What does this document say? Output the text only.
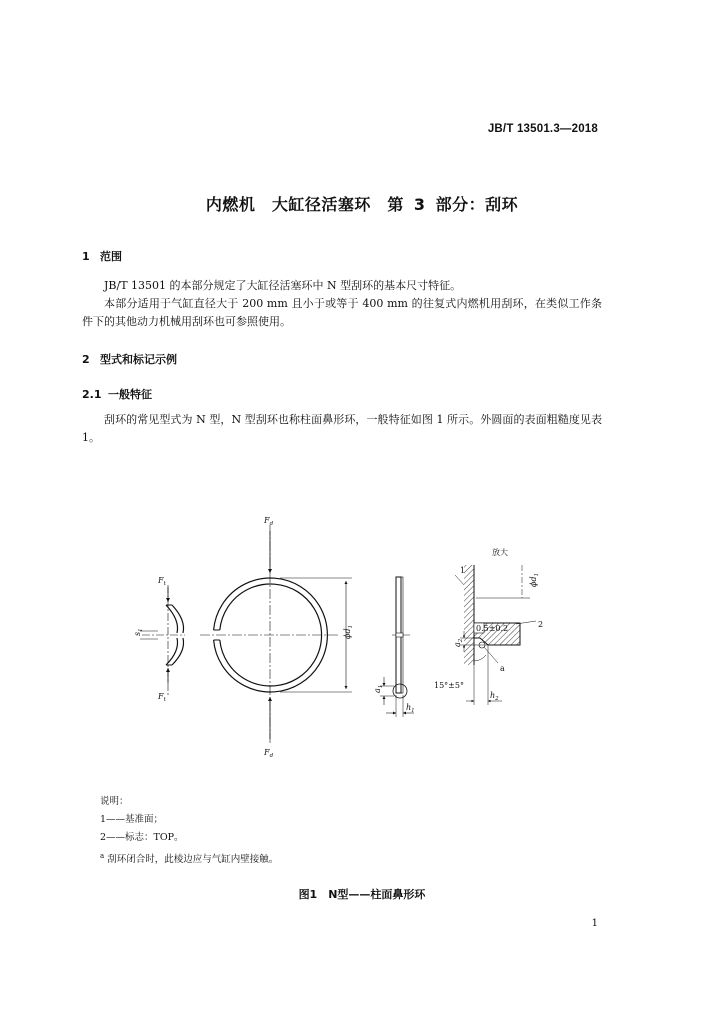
JB/T 13501.3—2018
内燃机　大缸径活塞环　第 3 部分：刮环
1 范围
JB/T 13501 的本部分规定了大缸径活塞环中 N 型刮环的基本尺寸特征。
本部分适用于气缸直径大于 200 mm 且小于或等于 400 mm 的往复式内燃机用刮环，在类似工作条件下的其他动力机械用刮环也可参照使用。
2 型式和标记示例
2.1 一般特征
刮环的常见型式为 N 型，N 型刮环也称柱面鼻形环，一般特征如图 1 所示。外圆面的表面粗糙度见表 1。
$F_t$
$F_t$
$s_1$
$F_d$
$F_d$
$\phi d_1$
$a_1$
$h_1$
放大
1
$\phi d_1$
0.5±0.2	2
a
$a_2$
15°±5°
$h_2$
说明：
1——基准面；
2——标志：TOP。
$^a$ 刮环闭合时，此棱边应与气缸内壁接触。
图1　N型——柱面鼻形环
1
